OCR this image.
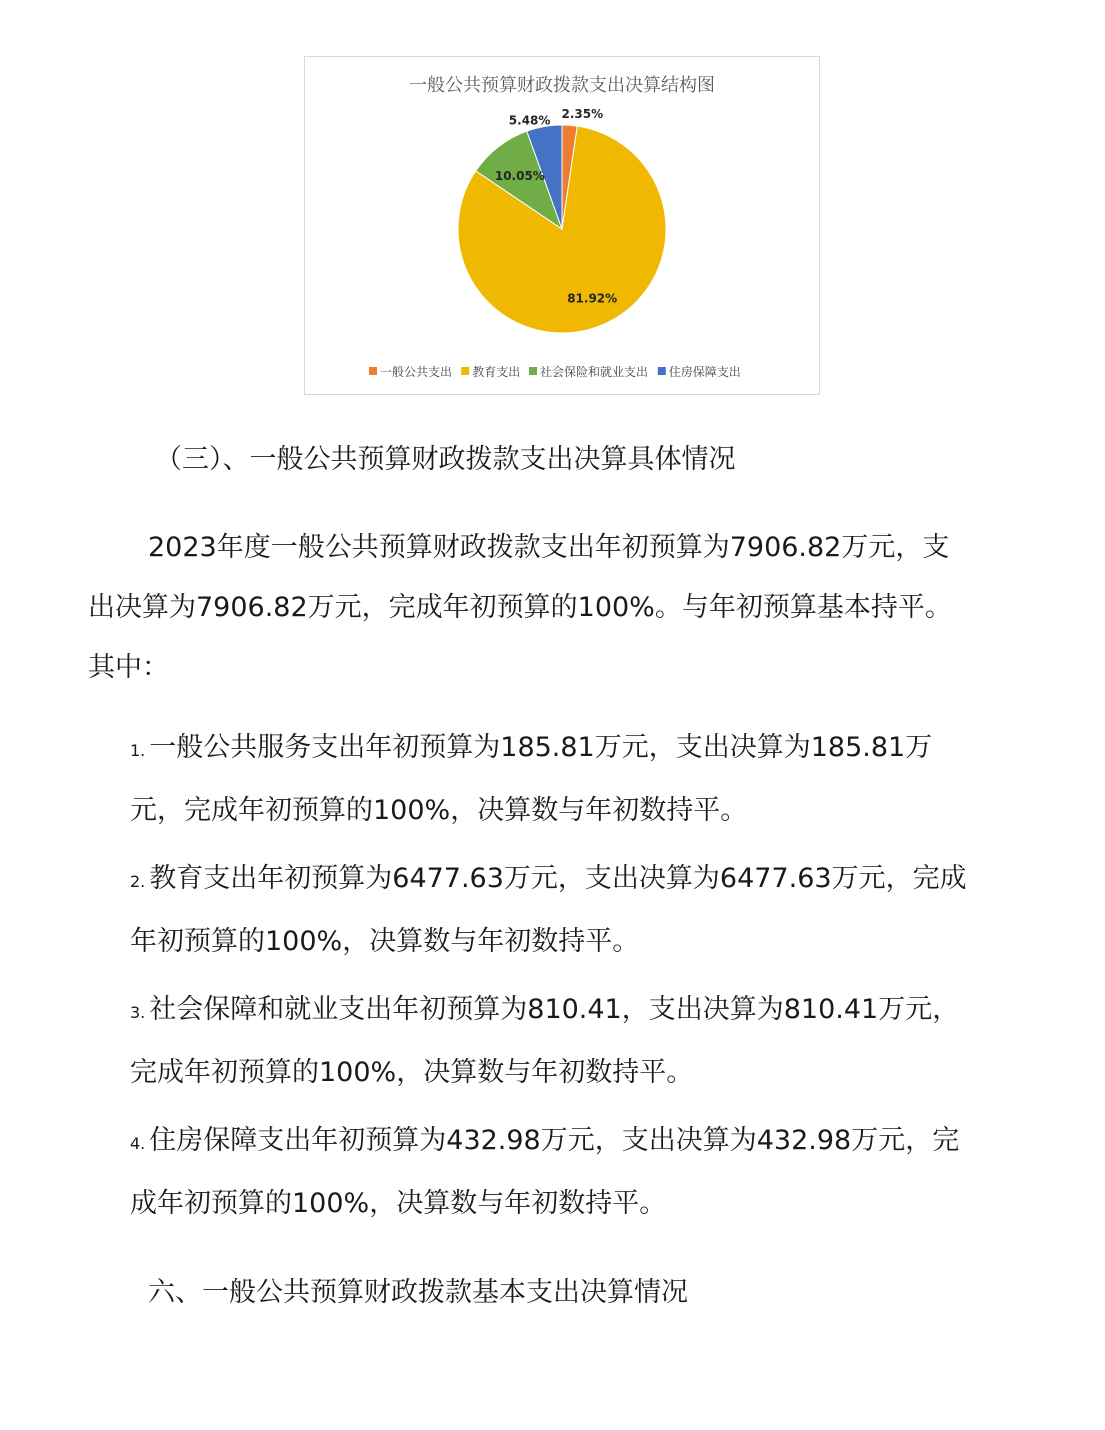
一般公共预算财政拨款支出决算结构图
2.35%
81.92%
10.05%
5.48%
一般公共支出 教育支出 社会保险和就业支出 住房保障支出
（三）、一般公共预算财政拨款支出决算具体情况
2023年度一般公共预算财政拨款支出年初预算为7906.82万元，支
出决算为7906.82万元，完成年初预算的100%。与年初预算基本持平。
其中：
1. 一般公共服务支出年初预算为185.81万元，支出决算为185.81万
元，完成年初预算的100%，决算数与年初数持平。
2. 教育支出年初预算为6477.63万元，支出决算为6477.63万元，完成
年初预算的100%，决算数与年初数持平。
3. 社会保障和就业支出年初预算为810.41，支出决算为810.41万元，
完成年初预算的100%，决算数与年初数持平。
4. 住房保障支出年初预算为432.98万元，支出决算为432.98万元，完
成年初预算的100%，决算数与年初数持平。
六、一般公共预算财政拨款基本支出决算情况
